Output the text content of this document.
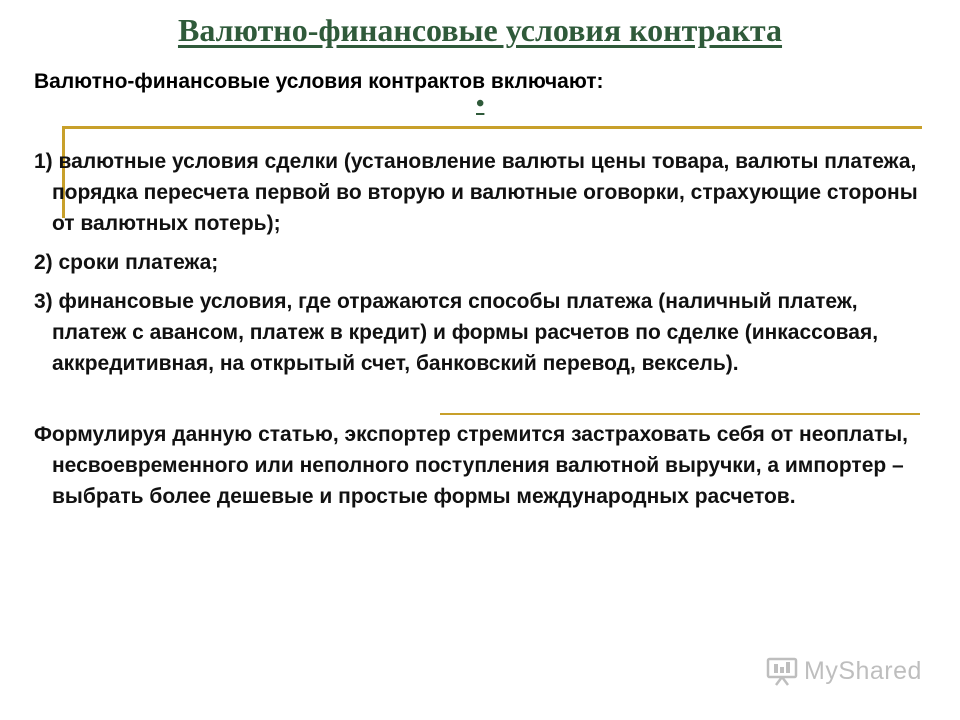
Валютно-финансовые условия контракта

Валютно-финансовые условия контрактов включают:

•

1) валютные условия сделки (установление валюты цены товара, валюты платежа, порядка пересчета первой во вторую и валютные оговорки, страхующие стороны от валютных потерь);

2) сроки платежа;

3) финансовые условия, где отражаются способы платежа (наличный платеж, платеж с авансом, платеж в кредит) и формы расчетов по сделке (инкассовая, аккредитивная, на открытый счет, банковский перевод, вексель).

Формулируя данную статью, экспортер стремится застраховать себя от неоплаты, несвоевременного или неполного поступления валютной выручки, а импортер – выбрать более дешевые и простые формы международных расчетов.

MyShared
